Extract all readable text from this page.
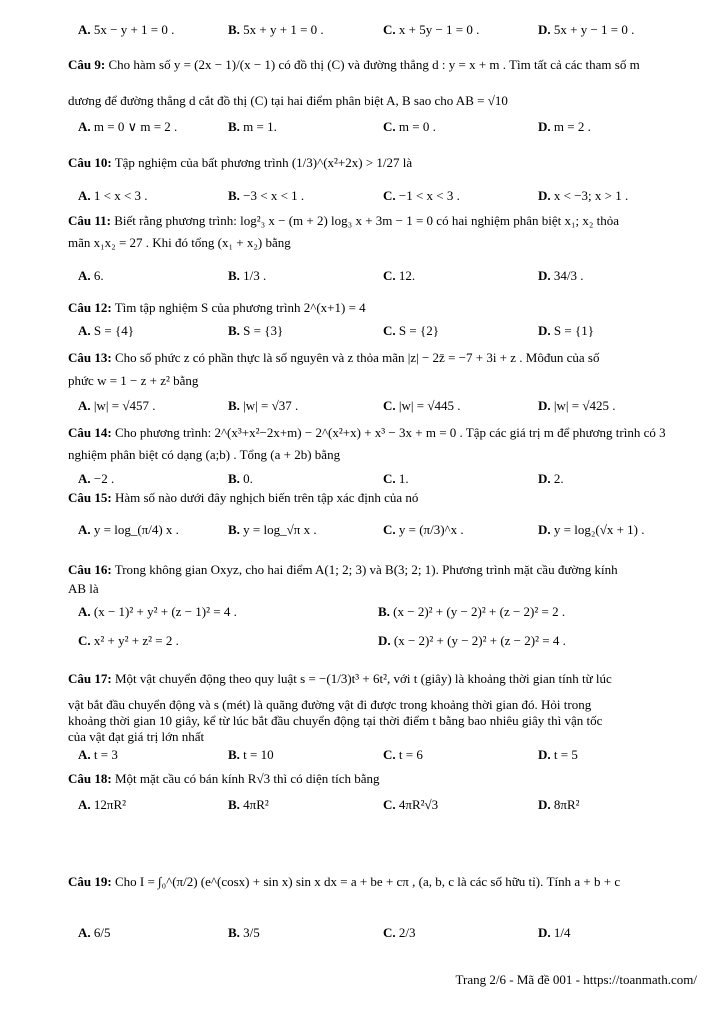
A. 5x − y + 1 = 0 .	B. 5x + y + 1 = 0 .	C. x + 5y − 1 = 0 .	D. 5x + y − 1 = 0 .
Câu 9: Cho hàm số y = (2x − 1)/(x − 1) có đồ thị (C) và đường thẳng d : y = x + m . Tìm tất cả các tham số m
dương để đường thẳng d cắt đồ thị (C) tại hai điểm phân biệt A, B sao cho AB = √10
A. m = 0 ∨ m = 2 .	B. m = 1.	C. m = 0 .	D. m = 2 .
Câu 10: Tập nghiệm của bất phương trình (1/3)^(x²+2x) > 1/27 là
A. 1 < x < 3 .	B. −3 < x < 1 .	C. −1 < x < 3 .	D. x < −3; x > 1 .
Câu 11: Biết rằng phương trình: log²₃ x − (m + 2) log₃ x + 3m − 1 = 0 có hai nghiệm phân biệt x₁; x₂ thỏa
mãn x₁x₂ = 27 . Khi đó tổng (x₁ + x₂) bằng
A. 6.	B. 1/3 .	C. 12.	D. 34/3 .
Câu 12: Tìm tập nghiệm S của phương trình 2^(x+1) = 4
A. S = {4}	B. S = {3}	C. S = {2}	D. S = {1}
Câu 13: Cho số phức z có phần thực là số nguyên và z thỏa mãn |z| − 2z̄ = −7 + 3i + z . Môđun của số
phức w = 1 − z + z² bằng
A. |w| = √457 .	B. |w| = √37 .	C. |w| = √445 .	D. |w| = √425 .
Câu 14: Cho phương trình: 2^(x³+x²−2x+m) − 2^(x²+x) + x³ − 3x + m = 0 . Tập các giá trị m để phương trình có 3
nghiệm phân biệt có dạng (a;b) . Tổng (a + 2b) bằng
A. −2 .	B. 0.	C. 1.	D. 2.
Câu 15: Hàm số nào dưới đây nghịch biến trên tập xác định của nó
A. y = log_(π/4) x .	B. y = log_√π x .	C. y = (π/3)^x .	D. y = log₂(√x + 1) .
Câu 16: Trong không gian Oxyz, cho hai điểm A(1; 2; 3) và B(3; 2; 1). Phương trình mặt cầu đường kính
AB là
A. (x − 1)² + y² + (z − 1)² = 4 .	B. (x − 2)² + (y − 2)² + (z − 2)² = 2 .
C. x² + y² + z² = 2 .	D. (x − 2)² + (y − 2)² + (z − 2)² = 4 .
Câu 17: Một vật chuyển động theo quy luật s = −(1/3)t³ + 6t², với t (giây) là khoảng thời gian tính từ lúc
vật bắt đầu chuyển động và s (mét) là quãng đường vật đi được trong khoảng thời gian đó. Hỏi trong
khoảng thời gian 10 giây, kể từ lúc bắt đầu chuyển động tại thời điểm t bằng bao nhiêu giây thì vận tốc
của vật đạt giá trị lớn nhất
A. t = 3	B. t = 10	C. t = 6	D. t = 5
Câu 18: Một mặt cầu có bán kính R√3 thì có diện tích bằng
A. 12πR²	B. 4πR²	C. 4πR²√3	D. 8πR²
Câu 19: Cho I = ∫₀^(π/2) (e^(cosx) + sin x) sin x dx = a + be + cπ , (a, b, c là các số hữu tỉ). Tính a + b + c
A. 6/5	B. 3/5	C. 2/3	D. 1/4
Trang 2/6 - Mã đề 001 - https://toanmath.com/
